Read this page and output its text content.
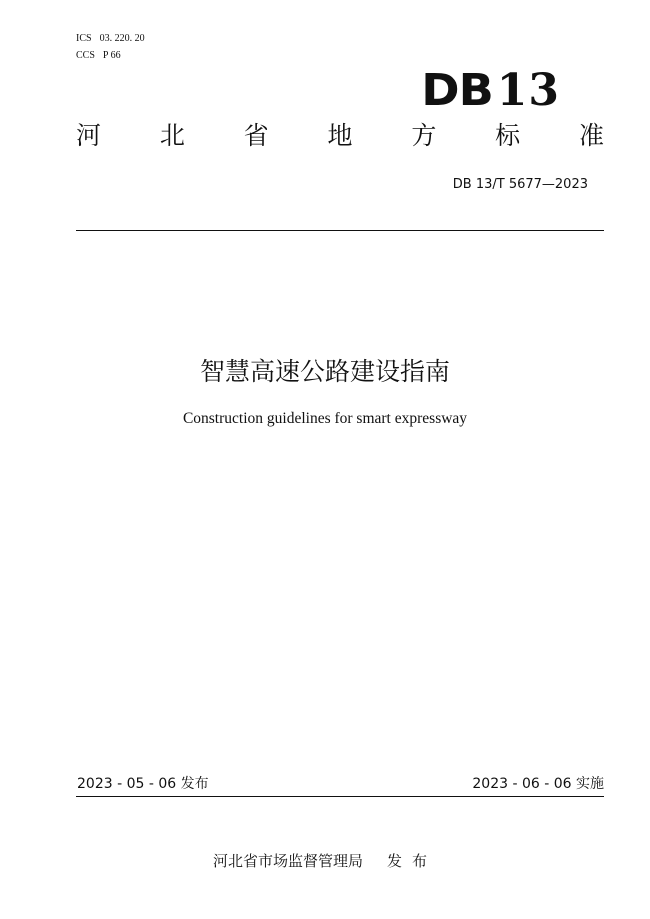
ICS 03. 220. 20
CCS P 66
DB13
河 北 省 地 方 标 准
DB 13/T 5677—2023
智慧高速公路建设指南
Construction guidelines for smart expressway
2023 - 05 - 06 发布	2023 - 06 - 06 实施
河北省市场监督管理局 发布
